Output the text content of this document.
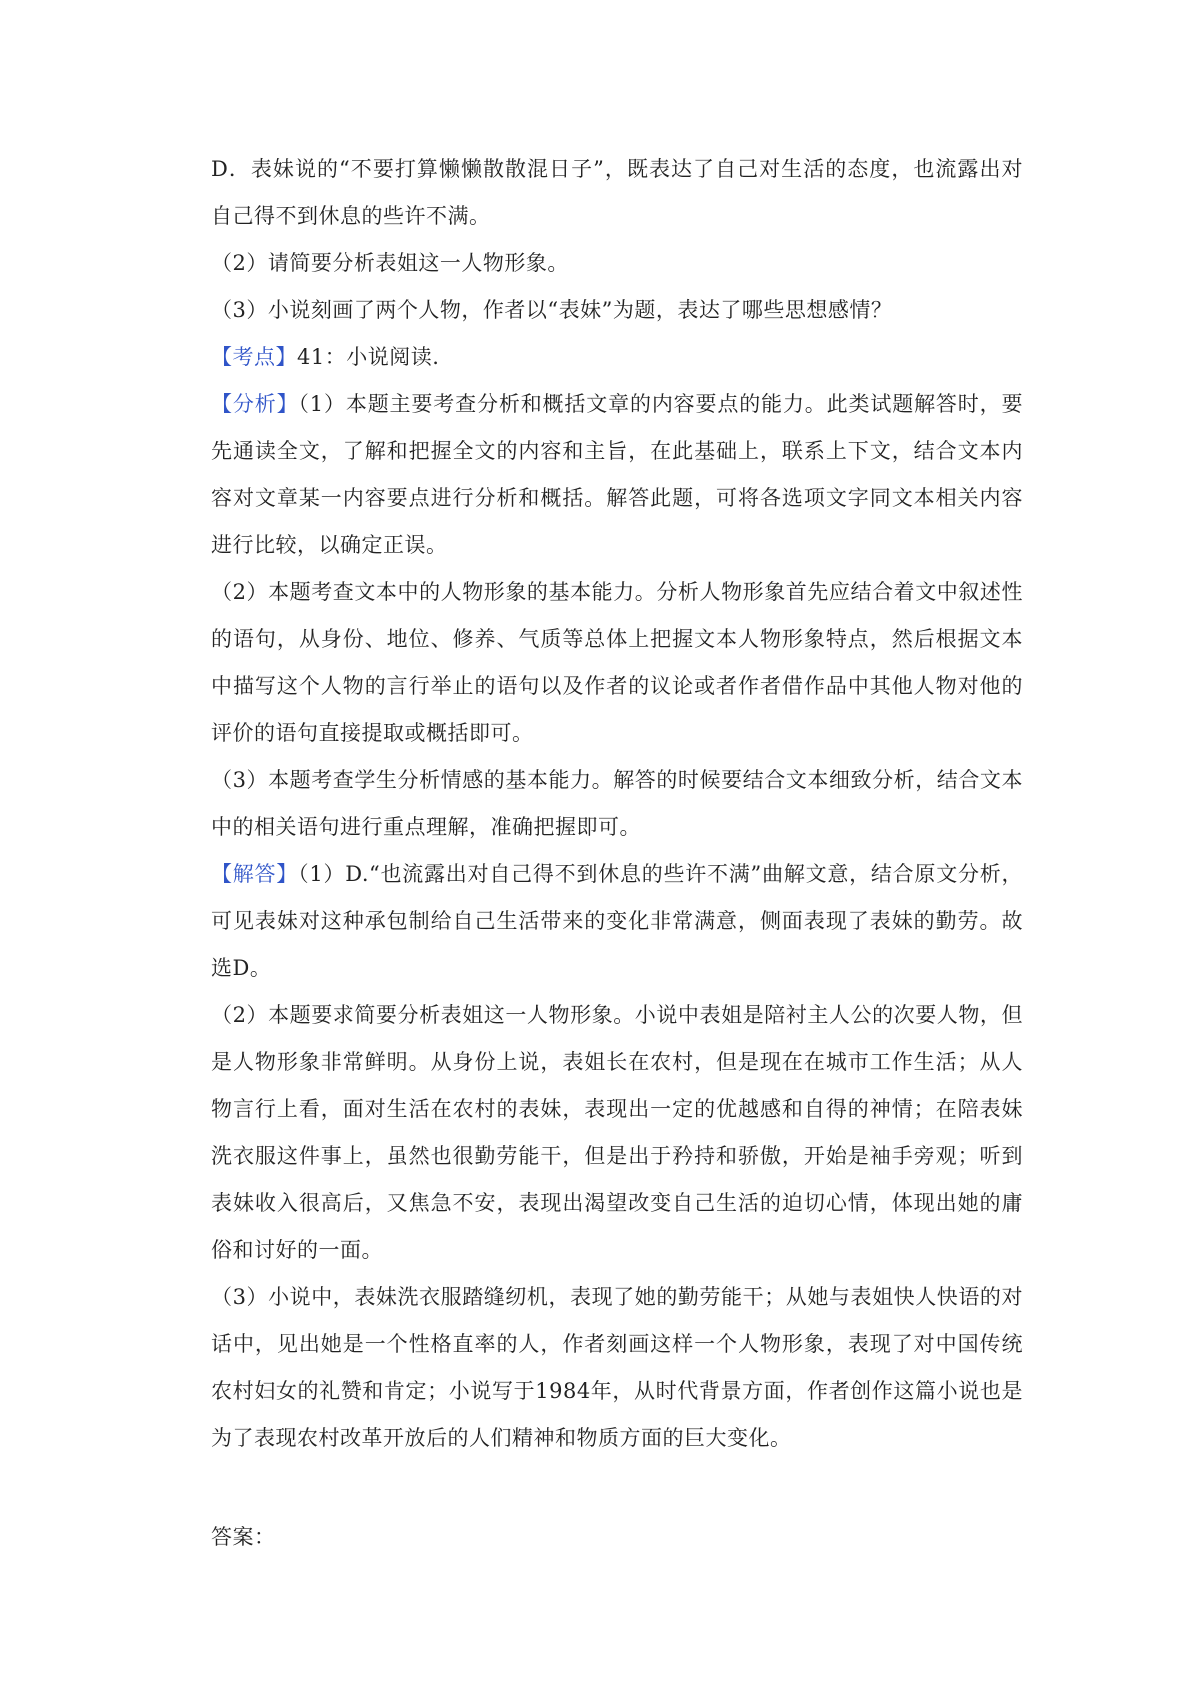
D．表妹说的“不要打算懒懒散散混日子”，既表达了自己对生活的态度，也流露出对自己得不到休息的些许不满。

（2）请简要分析表姐这一人物形象。

（3）小说刻画了两个人物，作者以“表妹”为题，表达了哪些思想感情？

【考点】41：小说阅读.

【分析】（1）本题主要考查分析和概括文章的内容要点的能力。此类试题解答时，要先通读全文，了解和把握全文的内容和主旨，在此基础上，联系上下文，结合文本内容对文章某一内容要点进行分析和概括。解答此题，可将各选项文字同文本相关内容进行比较，以确定正误。

（2）本题考查文本中的人物形象的基本能力。分析人物形象首先应结合着文中叙述性的语句，从身份、地位、修养、气质等总体上把握文本人物形象特点，然后根据文本中描写这个人物的言行举止的语句以及作者的议论或者作者借作品中其他人物对他的评价的语句直接提取或概括即可。

（3）本题考查学生分析情感的基本能力。解答的时候要结合文本细致分析，结合文本中的相关语句进行重点理解，准确把握即可。

【解答】（1）D.“也流露出对自己得不到休息的些许不满”曲解文意，结合原文分析，可见表妹对这种承包制给自己生活带来的变化非常满意，侧面表现了表妹的勤劳。故选D。

（2）本题要求简要分析表姐这一人物形象。小说中表姐是陪衬主人公的次要人物，但是人物形象非常鲜明。从身份上说，表姐长在农村，但是现在在城市工作生活；从人物言行上看，面对生活在农村的表妹，表现出一定的优越感和自得的神情；在陪表妹洗衣服这件事上，虽然也很勤劳能干，但是出于矜持和骄傲，开始是袖手旁观；听到表妹收入很高后，又焦急不安，表现出渴望改变自己生活的迫切心情，体现出她的庸俗和讨好的一面。

（3）小说中，表妹洗衣服踏缝纫机，表现了她的勤劳能干；从她与表姐快人快语的对话中，见出她是一个性格直率的人，作者刻画这样一个人物形象，表现了对中国传统农村妇女的礼赞和肯定；小说写于1984年，从时代背景方面，作者创作这篇小说也是为了表现农村改革开放后的人们精神和物质方面的巨大变化。

答案：
